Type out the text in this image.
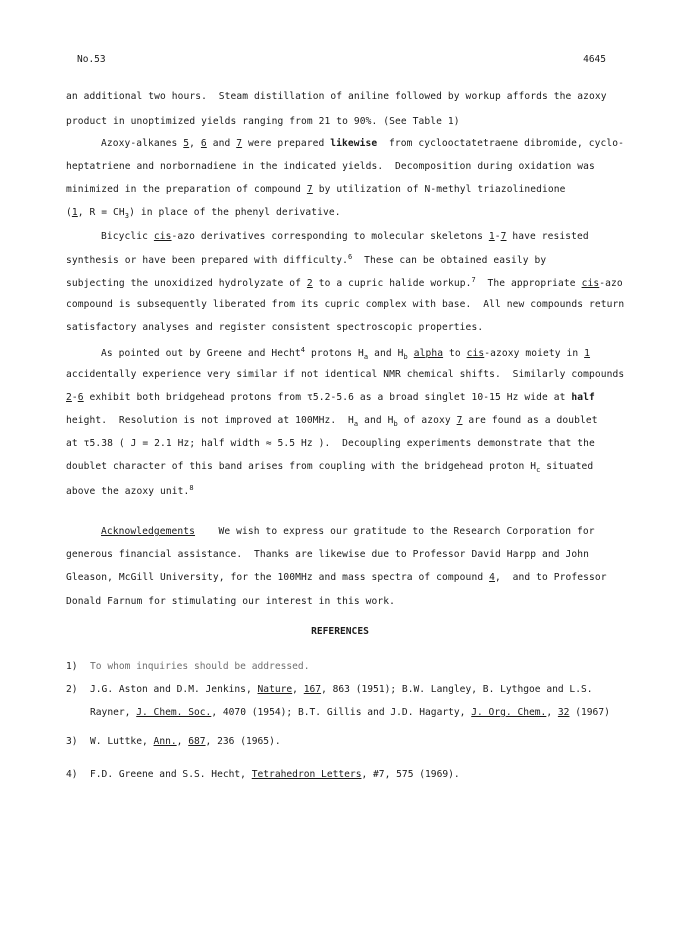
No.53	4645
an additional two hours.  Steam distillation of aniline followed by workup affords the azoxy
product in unoptimized yields ranging from 21 to 90%. (See Table 1)
Azoxy-alkanes 5, 6 and 7 were prepared likewise  from cyclooctatetraene dibromide, cyclo-
heptatriene and norbornadiene in the indicated yields.  Decomposition during oxidation was
minimized in the preparation of compound 7 by utilization of N-methyl triazolinedione
(1, $R = CH_3$) in place of the phenyl derivative.
Bicyclic cis-azo derivatives corresponding to molecular skeletons 1-7 have resisted
synthesis or have been prepared with difficulty.$^6$  These can be obtained easily by
subjecting the unoxidized hydrolyzate of 2 to a cupric halide workup.$^7$  The appropriate cis-azo
compound is subsequently liberated from its cupric complex with base.  All new compounds return
satisfactory analyses and register consistent spectroscopic properties.
As pointed out by Greene and Hecht$^4$ protons $H_a$ and $H_b$ alpha to cis-azoxy moiety in 1
accidentally experience very similar if not identical NMR chemical shifts.  Similarly compounds
2-6 exhibit both bridgehead protons from τ5.2-5.6 as a broad singlet 10-15 Hz wide at half
height.  Resolution is not improved at 100MHz.  $H_a$ and $H_b$ of azoxy 7 are found as a doublet
at τ5.38 ( J = 2.1 Hz; half width ≈ 5.5 Hz ).  Decoupling experiments demonstrate that the
doublet character of this band arises from coupling with the bridgehead proton $H_c$ situated
above the azoxy unit.$^8$
Acknowledgements    We wish to express our gratitude to the Research Corporation for
generous financial assistance.  Thanks are likewise due to Professor David Harpp and John
Gleason, McGill University, for the 100MHz and mass spectra of compound 4,  and to Professor
Donald Farnum for stimulating our interest in this work.
REFERENCES
1) To whom inquiries should be addressed.
2) J.G. Aston and D.M. Jenkins, Nature, 167, 863 (1951); B.W. Langley, B. Lythgoe and L.S.
Rayner, J. Chem. Soc., 4070 (1954); B.T. Gillis and J.D. Hagarty, J. Org. Chem., 32 (1967)
3) W. Luttke, Ann., 687, 236 (1965).
4) F.D. Greene and S.S. Hecht, Tetrahedron Letters, #7, 575 (1969).
